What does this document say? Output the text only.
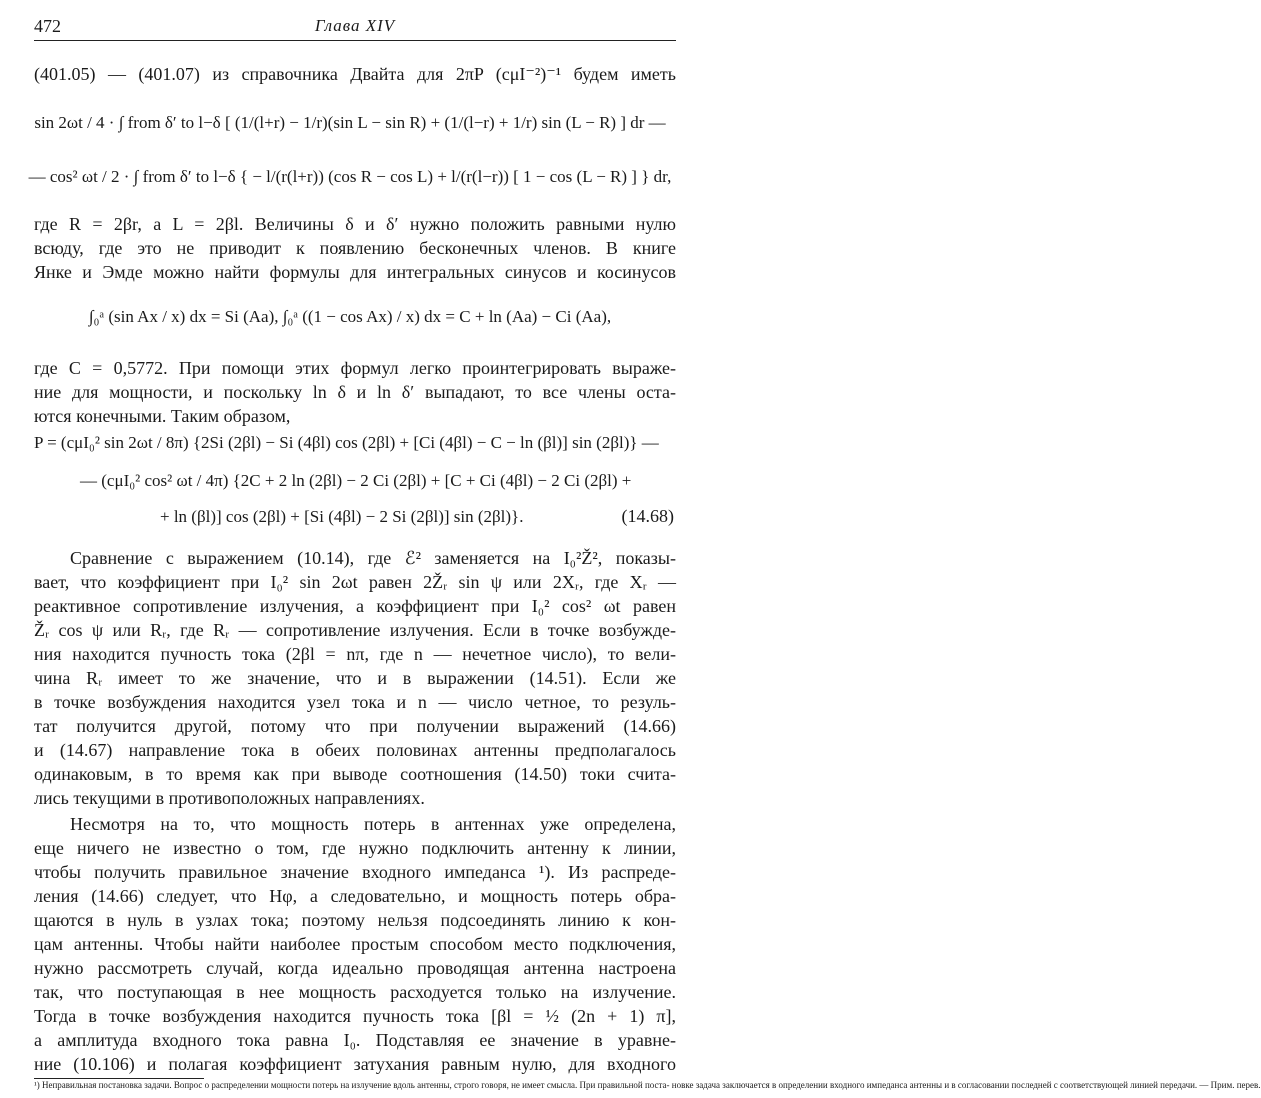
472	Глава XIV
(401.05) — (401.07) из справочника Двайта для 2πP (cμI⁻²)⁻¹ будем иметь
sin 2ωt / 4 · ∫ from δ′ to l−δ [ (1/(l+r) − 1/r)(sin L − sin R) + (1/(l−r) + 1/r) sin (L − R) ] dr —
— cos² ωt / 2 · ∫ from δ′ to l−δ { − l/(r(l+r)) (cos R − cos L) + l/(r(l−r)) [ 1 − cos (L − R) ] } dr,
где R = 2βr, а L = 2βl. Величины δ и δ′ нужно положить равными нулю
всюду, где это не приводит к появлению бесконечных членов. В книге
Янке и Эмде можно найти формулы для интегральных синусов и косинусов
∫₀ᵃ (sin Ax / x) dx = Si (Aa), ∫₀ᵃ ((1 − cos Ax) / x) dx = C + ln (Aa) − Ci (Aa),
где C = 0,5772. При помощи этих формул легко проинтегрировать выраже-
ние для мощности, и поскольку ln δ и ln δ′ выпадают, то все члены оста-
ются конечными. Таким образом,
P = (cμI₀² sin 2ωt / 8π) {2Si (2βl) − Si (4βl) cos (2βl) + [Ci (4βl) − C − ln (βl)] sin (2βl)} —
— (cμI₀² cos² ωt / 4π) {2C + 2 ln (2βl) − 2 Ci (2βl) + [C + Ci (4βl) − 2 Ci (2βl) +
+ ln (βl)] cos (2βl) + [Si (4βl) − 2 Si (2βl)] sin (2βl)}.	(14.68)
Сравнение с выражением (10.14), где ℰ² заменяется на I₀²Ž², показы-
вает, что коэффициент при I₀² sin 2ωt равен 2Žᵣ sin ψ или 2Xᵣ, где Xᵣ —
реактивное сопротивление излучения, а коэффициент при I₀² cos² ωt равен
Žᵣ cos ψ или Rᵣ, где Rᵣ — сопротивление излучения. Если в точке возбужде-
ния находится пучность тока (2βl = nπ, где n — нечетное число), то вели-
чина Rᵣ имеет то же значение, что и в выражении (14.51). Если же
в точке возбуждения находится узел тока и n — число четное, то резуль-
тат получится другой, потому что при получении выражений (14.66)
и (14.67) направление тока в обеих половинах антенны предполагалось
одинаковым, в то время как при выводе соотношения (14.50) токи счита-
лись текущими в противоположных направлениях.
Несмотря на то, что мощность потерь в антеннах уже определена,
еще ничего не известно о том, где нужно подключить антенну к линии,
чтобы получить правильное значение входного импеданса ¹). Из распреде-
ления (14.66) следует, что Hφ, а следовательно, и мощность потерь обра-
щаются в нуль в узлах тока; поэтому нельзя подсоединять линию к кон-
цам антенны. Чтобы найти наиболее простым способом место подключения,
нужно рассмотреть случай, когда идеально проводящая антенна настроена
так, что поступающая в нее мощность расходуется только на излучение.
Тогда в точке возбуждения находится пучность тока [βl = ½ (2n + 1) π],
а амплитуда входного тока равна I₀. Подставляя ее значение в уравне-
ние (10.106) и полагая коэффициент затухания равным нулю, для входного
¹) Неправильная постановка задачи. Вопрос о распределении мощности потерь на излучение вдоль антенны, строго говоря, не имеет смысла. При правильной поста- новке задача заключается в определении входного импеданса антенны и в согласовании последней с соответствующей линией передачи. — Прим. перев.
